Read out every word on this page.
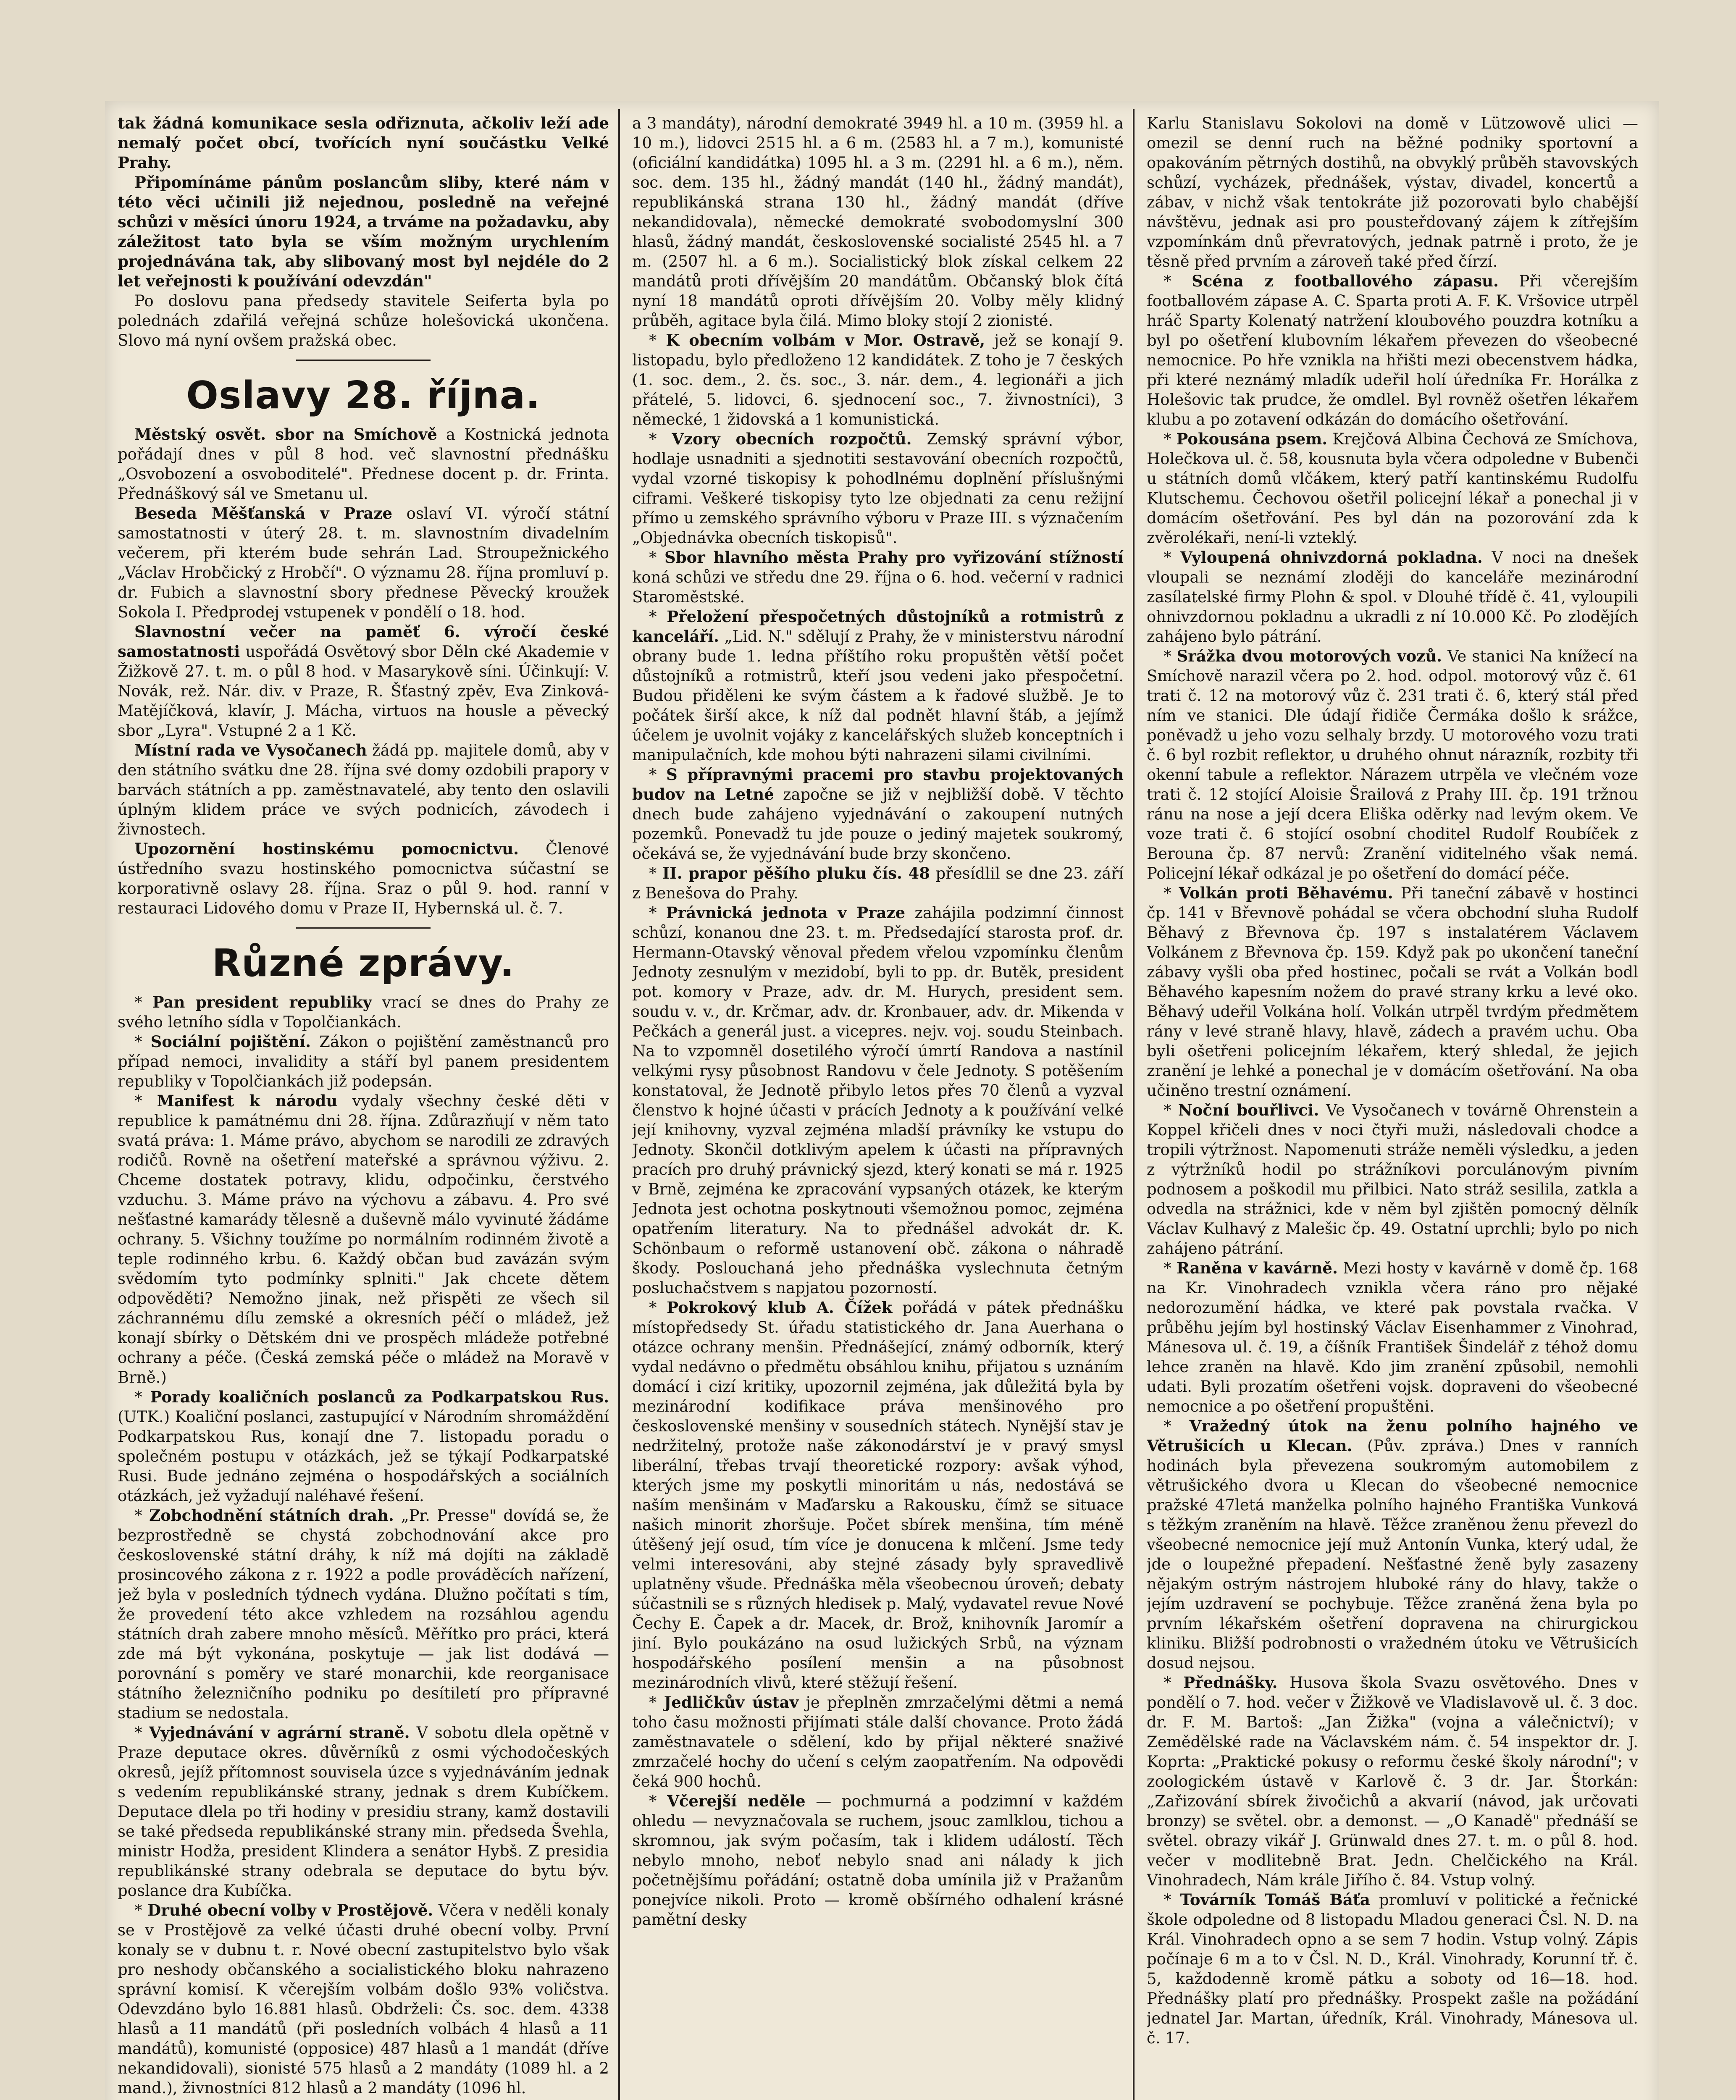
tak žádná komunikace sesla odřiznuta, ačkoliv leží ade nemalý počet obcí, tvořících nyní součástku Velké Prahy.

Připomínáme pánům poslancům sliby, které nám v této věci učinili již nejednou, posledně na veřejné schůzi v měsíci únoru 1924, a trváme na požadavku, aby záležitost tato byla se vším možným urychlením projednávána tak, aby slibovaný most byl nejdéle do 2 let veřejnosti k používání odevzdán"

Po doslovu pana předsedy stavitele Seiferta byla po polednách zdařilá veřejná schůze holešovická ukončena. Slovo má nyní ovšem pražská obec.

Oslavy 28. října.

Městský osvět. sbor na Smíchově a Kostnická jednota pořádají dnes v půl 8 hod. več slavnostní přednášku „Osvobození a osvoboditelé". Přednese docent p. dr. Frinta. Přednáškový sál ve Smetanu ul.

Beseda Měšťanská v Praze oslaví VI. výročí státní samostatnosti v úterý 28. t. m. slavnostním divadelním večerem, při kterém bude sehrán Lad. Stroupežnického „Václav Hrobčický z Hrobčí". O významu 28. října promluví p. dr. Fubich a slavnostní sbory přednese Pěvecký kroužek Sokola I. Předprodej vstupenek v pondělí o 18. hod.

Slavnostní večer na paměť 6. výročí české samostatnosti uspořádá Osvětový sbor Děln cké Akademie v Žižkově 27. t. m. o půl 8 hod. v Masarykově síni. Účinkují: V. Novák, rež. Nár. div. v Praze, R. Šťastný zpěv, Eva Zinková-Matějíčková, klavír, J. Mácha, virtuos na housle a pěvecký sbor „Lyra". Vstupné 2 a 1 Kč.

Místní rada ve Vysočanech žádá pp. majitele domů, aby v den státního svátku dne 28. října své domy ozdobili prapory v barvách státních a pp. zaměstnavatelé, aby tento den oslavili úplným klidem práce ve svých podnicích, závodech i živnostech.

Upozornění hostinskému pomocnictvu. Členové ústředního svazu hostinského pomocnictva súčastní se korporativně oslavy 28. října. Sraz o půl 9. hod. ranní v restauraci Lidového domu v Praze II, Hybernská ul. č. 7.

Různé zprávy.

* Pan president republiky vrací se dnes do Prahy ze svého letního sídla v Topolčiankách.

* Sociální pojištění. Zákon o pojištění zaměstnanců pro případ nemoci, invalidity a stáří byl panem presidentem republiky v Topolčiankách již podepsán.

* Manifest k národu vydaly všechny české děti v republice k památnému dni 28. října. Zdůrazňují v něm tato svatá práva: 1. Máme právo, abychom se narodili ze zdravých rodičů. Rovně na ošetření mateřské a správnou výživu. 2. Chceme dostatek potravy, klidu, odpočinku, čerstvého vzduchu. 3. Máme právo na výchovu a zábavu. 4. Pro své nešťastné kamarády tělesně a duševně málo vyvinuté žádáme ochrany. 5. Všichny toužíme po normálním rodinném životě a teple rodinného krbu. 6. Každý občan bud zavázán svým svědomím tyto podmínky splniti." Jak chcete dětem odpověděti? Nemožno jinak, než přispěti ze všech sil záchrannému dílu zemské a okresních péčí o mládež, jež konají sbírky o Dětském dni ve prospěch mládeže potřebné ochrany a péče. (Česká zemská péče o mládež na Moravě v Brně.)

* Porady koaličních poslanců za Podkarpatskou Rus. (UTK.) Koaliční poslanci, zastupující v Národním shromáždění Podkarpatskou Rus, konají dne 7. listopadu poradu o společném postupu v otázkách, jež se týkají Podkarpatské Rusi. Bude jednáno zejména o hospodářských a sociálních otázkách, jež vyžadují naléhavé řešení.

* Zobchodnění státních drah. „Pr. Presse" dovídá se, že bezprostředně se chystá zobchodnování akce pro československé státní dráhy, k níž má dojíti na základě prosincového zákona z r. 1922 a podle prováděcích nařízení, jež byla v posledních týdnech vydána. Dlužno počítati s tím, že provedení této akce vzhledem na rozsáhlou agendu státních drah zabere mnoho měsíců. Měřítko pro práci, která zde má být vykonána, poskytuje — jak list dodává — porovnání s poměry ve staré monarchii, kde reorganisace státního železničního podniku po desítiletí pro přípravné stadium se nedostala.

* Vyjednávání v agrární straně. V sobotu dlela opětně v Praze deputace okres. důvěrníků z osmi východočeských okresů, jejíž přítomnost souvisela úzce s vyjednáváním jednak s vedením republikánské strany, jednak s drem Kubíčkem. Deputace dlela po tři hodiny v presidiu strany, kamž dostavili se také předseda republikánské strany min. předseda Švehla, ministr Hodža, president Klindera a senátor Hybš. Z presidia republikánské strany odebrala se deputace do bytu býv. poslance dra Kubíčka.

* Druhé obecní volby v Prostějově. Včera v neděli konaly se v Prostějově za velké účasti druhé obecní volby. První konaly se v dubnu t. r. Nové obecní zastupitelstvo bylo však pro neshody občanského a socialistického bloku nahrazeno správní komisí. K včerejším volbám došlo 93% voličstva. Odevzdáno bylo 16.881 hlasů. Obdrželi: Čs. soc. dem. 4338 hlasů a 11 mandátů (při posledních volbách 4 hlasů a 11 mandátů), komunisté (opposice) 487 hlasů a 1 mandát (dříve nekandidovali), sionisté 575 hlasů a 2 mandáty (1089 hl. a 2 mand.), živnostníci 812 hlasů a 2 mandáty (1096 hl.

a 3 mandáty), národní demokraté 3949 hl. a 10 m. (3959 hl. a 10 m.), lidovci 2515 hl. a 6 m. (2583 hl. a 7 m.), komunisté (oficiální kandidátka) 1095 hl. a 3 m. (2291 hl. a 6 m.), něm. soc. dem. 135 hl., žádný mandát (140 hl., žádný mandát), republikánská strana 130 hl., žádný mandát (dříve nekandidovala), německé demokraté svobodomyslní 300 hlasů, žádný mandát, československé socialisté 2545 hl. a 7 m. (2507 hl. a 6 m.). Socialistický blok získal celkem 22 mandátů proti dřívějším 20 mandátům. Občanský blok čítá nyní 18 mandátů oproti dřívějším 20. Volby měly klidný průběh, agitace byla čilá. Mimo bloky stojí 2 zionisté.

* K obecním volbám v Mor. Ostravě, jež se konají 9. listopadu, bylo předloženo 12 kandidátek. Z toho je 7 českých (1. soc. dem., 2. čs. soc., 3. nár. dem., 4. legionáři a jich přátelé, 5. lidovci, 6. sjednocení soc., 7. živnostníci), 3 německé, 1 židovská a 1 komunistická.

* Vzory obecních rozpočtů. Zemský správní výbor, hodlaje usnadniti a sjednotiti sestavování obecních rozpočtů, vydal vzorné tiskopisy k pohodlnému doplnění příslušnými ciframi. Veškeré tiskopisy tyto lze objednati za cenu režijní přímo u zemského správního výboru v Praze III. s význačením „Objednávka obecních tiskopisů".

* Sbor hlavního města Prahy pro vyřizování stížností koná schůzi ve středu dne 29. října o 6. hod. večerní v radnici Staroměstské.

* Přeložení přespočetných důstojníků a rotmistrů z kanceláří. „Lid. N." sdělují z Prahy, že v ministerstvu národní obrany bude 1. ledna příštího roku propuštěn větší počet důstojníků a rotmistrů, kteří jsou vedeni jako přespočetní. Budou přiděleni ke svým částem a k řadové službě. Je to počátek širší akce, k níž dal podnět hlavní štáb, a jejímž účelem je uvolnit vojáky z kancelářských služeb konceptních i manipulačních, kde mohou býti nahrazeni silami civilními.

* S přípravnými pracemi pro stavbu projektovaných budov na Letné započne se již v nejbližší době. V těchto dnech bude zahájeno vyjednávání o zakoupení nutných pozemků. Ponevadž tu jde pouze o jediný majetek soukromý, očekává se, že vyjednávání bude brzy skončeno.

* II. prapor pěšího pluku čís. 48 přesídlil se dne 23. září z Benešova do Prahy.

* Právnická jednota v Praze zahájila podzimní činnost schůzí, konanou dne 23. t. m. Předsedající starosta prof. dr. Hermann-Otavský věnoval předem vřelou vzpomínku členům Jednoty zesnulým v mezidobí, byli to pp. dr. Butěk, president pot. komory v Praze, adv. dr. M. Hurych, president sem. soudu v. v., dr. Krčmar, adv. dr. Kronbauer, adv. dr. Mikenda v Pečkách a generál just. a vicepres. nejv. voj. soudu Steinbach. Na to vzpomněl dosetilého výročí úmrtí Randova a nastínil velkými rysy působnost Randovu v čele Jednoty. S potěšením konstatoval, že Jednotě přibylo letos přes 70 členů a vyzval členstvo k hojné účasti v prácích Jednoty a k používání velké její knihovny, vyzval zejména mladší právníky ke vstupu do Jednoty. Skončil dotklivým apelem k účasti na přípravných pracích pro druhý právnický sjezd, který konati se má r. 1925 v Brně, zejména ke zpracování vypsaných otázek, ke kterým Jednota jest ochotna poskytnouti všemožnou pomoc, zejména opatřením literatury. Na to přednášel advokát dr. K. Schönbaum o reformě ustanovení obč. zákona o náhradě škody. Poslouchaná jeho přednáška vyslechnuta četným posluchačstvem s napjatou pozorností.

* Pokrokový klub A. Čížek pořádá v pátek přednášku místopředsedy St. úřadu statistického dr. Jana Auerhana o otázce ochrany menšin. Přednášející, známý odborník, který vydal nedávno o předmětu obsáhlou knihu, přijatou s uznáním domácí i cizí kritiky, upozornil zejména, jak důležitá byla by mezinárodní kodifikace práva menšinového pro československé menšiny v sousedních státech. Nynější stav je nedržitelný, protože naše zákonodárství je v pravý smysl liberální, třebas trvají theoretické rozpory: avšak výhod, kterých jsme my poskytli minoritám u nás, nedostává se naším menšinám v Maďarsku a Rakousku, čímž se situace našich minorit zhoršuje. Počet sbírek menšina, tím méně útěšený její osud, tím více je donucena k mlčení. Jsme tedy velmi interesováni, aby stejné zásady byly spravedlivě uplatněny všude. Přednáška měla všeobecnou úroveň; debaty súčastnili se s různých hledisek p. Malý, vydavatel revue Nové Čechy E. Čapek a dr. Macek, dr. Brož, knihovník Jaromír a jiní. Bylo poukázáno na osud lužických Srbů, na význam hospodářského posílení menšin a na působnost mezinárodních vlivů, které stěžují řešení.

* Jedličkův ústav je přeplněn zmrzačelými dětmi a nemá toho času možnosti přijímati stále další chovance. Proto žádá zaměstnavatele o sdělení, kdo by přijal některé snaživé zmrzačelé hochy do učení s celým zaopatřením. Na odpovědi čeká 900 hochů.

* Včerejší neděle — pochmurná a podzimní v každém ohledu — nevyznačovala se ruchem, jsouc zamlklou, tichou a skromnou, jak svým počasím, tak i klidem událostí. Těch nebylo mnoho, neboť nebylo snad ani nálady k jich početnějšímu pořádání; ostatně doba umínila již v Pražanům ponejvíce nikoli. Proto — kromě obšírného odhalení krásné pamětní desky

Karlu Stanislavu Sokolovi na domě v Lützowově ulici — omezil se denní ruch na běžné podniky sportovní a opakováním pětrných dostihů, na obvyklý průběh stavovských schůzí, vycházek, přednášek, výstav, divadel, koncertů a zábav, v nichž však tentokráte již pozorovati bylo chabější návštěvu, jednak asi pro pousteřdovaný zájem k zítřejším vzpomínkám dnů převratových, jednak patrně i proto, že je těsně před prvním a zároveň také před čírzí.

* Scéna z footballového zápasu. Při včerejším footballovém zápase A. C. Sparta proti A. F. K. Vršovice utrpěl hráč Sparty Kolenatý natržení kloubového pouzdra kotníku a byl po ošetření klubovním lékařem převezen do všeobecné nemocnice. Po hře vznikla na hřišti mezi obecenstvem hádka, při které neznámý mladík udeřil holí úředníka Fr. Horálka z Holešovic tak prudce, že omdlel. Byl rovněž ošetřen lékařem klubu a po zotavení odkázán do domácího ošetřování.

* Pokousána psem. Krejčová Albina Čechová ze Smíchova, Holečkova ul. č. 58, kousnuta byla včera odpoledne v Bubenči u státních domů vlčákem, který patří kantinskému Rudolfu Klutschemu. Čechovou ošetřil policejní lékař a ponechal ji v domácím ošetřování. Pes byl dán na pozorování zda k zvěrolékaři, není-li vzteklý.

* Vyloupená ohnivzdorná pokladna. V noci na dnešek vloupali se neznámí zloději do kanceláře mezinárodní zasílatelské firmy Plohn & spol. v Dlouhé třídě č. 41, vyloupili ohnivzdornou pokladnu a ukradli z ní 10.000 Kč. Po zlodějích zahájeno bylo pátrání.

* Srážka dvou motorových vozů. Ve stanici Na knížecí na Smíchově narazil včera po 2. hod. odpol. motorový vůz č. 61 trati č. 12 na motorový vůz č. 231 trati č. 6, který stál před ním ve stanici. Dle údají řidiče Čermáka došlo k srážce, poněvadž u jeho vozu selhaly brzdy. U motorového vozu trati č. 6 byl rozbit reflektor, u druhého ohnut nárazník, rozbity tři okenní tabule a reflektor. Nárazem utrpěla ve vlečném voze trati č. 12 stojící Aloisie Šrailová z Prahy III. čp. 191 tržnou ránu na nose a její dcera Eliška oděrky nad levým okem. Ve voze trati č. 6 stojící osobní choditel Rudolf Roubíček z Berouna čp. 87 nervů: Zranění viditelného však nemá. Policejní lékař odkázal je po ošetření do domácí péče.

* Volkán proti Běhavému. Při taneční zábavě v hostinci čp. 141 v Břevnově pohádal se včera obchodní sluha Rudolf Běhavý z Břevnova čp. 197 s instalatérem Václavem Volkánem z Břevnova čp. 159. Když pak po ukončení taneční zábavy vyšli oba před hostinec, počali se rvát a Volkán bodl Běhavého kapesním nožem do pravé strany krku a levé oko. Běhavý udeřil Volkána holí. Volkán utrpěl tvrdým předmětem rány v levé straně hlavy, hlavě, zádech a pravém uchu. Oba byli ošetřeni policejním lékařem, který shledal, že jejich zranění je lehké a ponechal je v domácím ošetřování. Na oba učiněno trestní oznámení.

* Noční bouřlivci. Ve Vysočanech v továrně Ohrenstein a Koppel křičeli dnes v noci čtyři muži, následovali chodce a tropili výtržnost. Napomenuti stráže neměli výsledku, a jeden z výtržníků hodil po strážníkovi porculánovým pivním podnosem a poškodil mu přilbici. Nato stráž sesilila, zatkla a odvedla na strážnici, kde v něm byl zjištěn pomocný dělník Václav Kulhavý z Malešic čp. 49. Ostatní uprchli; bylo po nich zahájeno pátrání.

* Raněna v kavárně. Mezi hosty v kavárně v domě čp. 168 na Kr. Vinohradech vznikla včera ráno pro nějaké nedorozumění hádka, ve které pak povstala rvačka. V průběhu jejím byl hostinský Václav Eisenhammer z Vinohrad, Mánesova ul. č. 19, a číšník František Šindelář z téhož domu lehce zraněn na hlavě. Kdo jim zranění způsobil, nemohli udati. Byli prozatím ošetřeni vojsk. dopraveni do všeobecné nemocnice a po ošetření propuštěni.

* Vražedný útok na ženu polního hajného ve Větrušicích u Klecan. (Pův. zpráva.) Dnes v ranních hodinách byla převezena soukromým automobilem z větrušického dvora u Klecan do všeobecné nemocnice pražské 47letá manželka polního hajného Františka Vunková s těžkým zraněním na hlavě. Těžce zraněnou ženu převezl do všeobecné nemocnice její muž Antonín Vunka, který udal, že jde o loupežné přepadení. Nešťastné ženě byly zasazeny nějakým ostrým nástrojem hluboké rány do hlavy, takže o jejím uzdravení se pochybuje. Těžce zraněná žena byla po prvním lékařském ošetření dopravena na chirurgickou kliniku. Bližší podrobnosti o vražedném útoku ve Větrušicích dosud nejsou.

* Přednášky. Husova škola Svazu osvětového. Dnes v pondělí o 7. hod. večer v Žižkově ve Vladislavově ul. č. 3 doc. dr. F. M. Bartoš: „Jan Žižka" (vojna a válečnictví); v Zemědělské rade na Václavském nám. č. 54 inspektor dr. J. Koprta: „Praktické pokusy o reformu české školy národní"; v zoologickém ústavě v Karlově č. 3 dr. Jar. Štorkán: „Zařizování sbírek živočichů a akvarií (návod, jak určovati bronzy) se světel. obr. a demonst. — „O Kanadě" přednáší se světel. obrazy vikář J. Grünwald dnes 27. t. m. o půl 8. hod. večer v modlitebně Brat. Jedn. Chelčického na Král. Vinohradech, Nám krále Jiřího č. 84. Vstup volný.

* Továrník Tomáš Báťa promluví v politické a řečnické škole odpoledne od 8 listopadu Mladou generaci Čsl. N. D. na Král. Vinohradech opno a se sem 7 hodin. Vstup volný. Zápis počínaje 6 m a to v Čsl. N. D., Král. Vinohrady, Korunní tř. č. 5, každodenně kromě pátku a soboty od 16—18. hod. Přednášky platí pro přednášky. Prospekt zašle na požádání jednatel Jar. Martan, úředník, Král. Vinohrady, Mánesova ul. č. 17.
